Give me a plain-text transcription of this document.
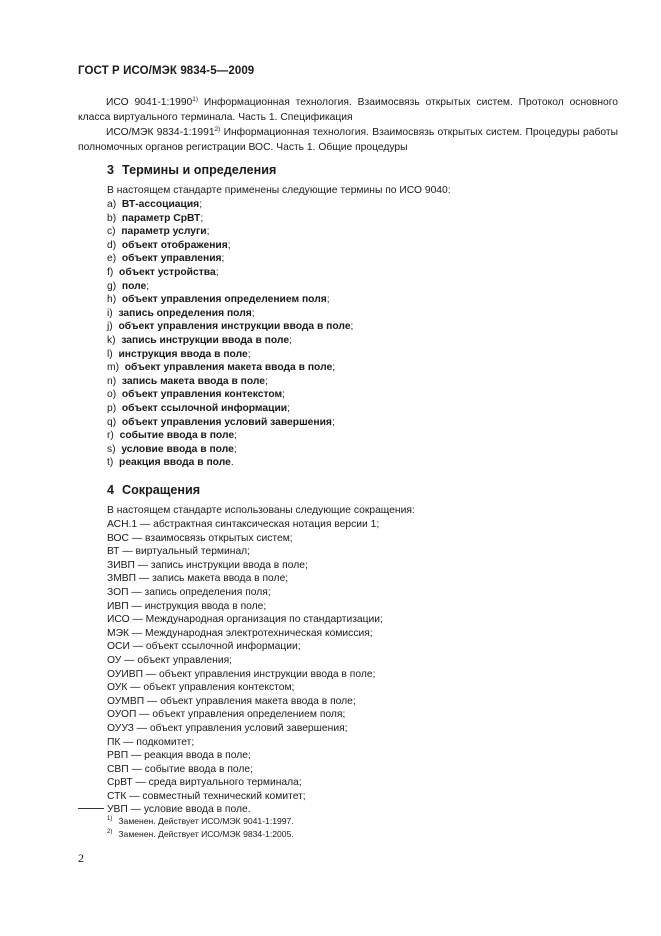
ГОСТ Р ИСО/МЭК 9834-5—2009

ИСО 9041-1:1990$^{1)}$ Информационная технология. Взаимосвязь открытых систем. Протокол основного класса виртуального терминала. Часть 1. Спецификация

ИСО/МЭК 9834-1:1991$^{2)}$ Информационная технология. Взаимосвязь открытых систем. Процедуры работы полномочных органов регистрации ВОС. Часть 1. Общие процедуры

3 Термины и определения
В настоящем стандарте применены следующие термины по ИСО 9040:
a) ВТ-ассоциация;
b) параметр СрВТ;
c) параметр услуги;
d) объект отображения;
e) объект управления;
f) объект устройства;
g) поле;
h) объект управления определением поля;
i) запись определения поля;
j) объект управления инструкции ввода в поле;
k) запись инструкции ввода в поле;
l) инструкция ввода в поле;
m) объект управления макета ввода в поле;
n) запись макета ввода в поле;
o) объект управления контекстом;
p) объект ссылочной информации;
q) объект управления условий завершения;
r) событие ввода в поле;
s) условие ввода в поле;
t) реакция ввода в поле.
4 Сокращения
В настоящем стандарте использованы следующие сокращения:
АСН.1 — абстрактная синтаксическая нотация версии 1;
ВОС — взаимосвязь открытых систем;
ВТ — виртуальный терминал;
ЗИВП — запись инструкции ввода в поле;
ЗМВП — запись макета ввода в поле;
ЗОП — запись определения поля;
ИВП — инструкция ввода в поле;
ИСО — Международная организация по стандартизации;
МЭК — Международная электротехническая комиссия;
ОСИ — объект ссылочной информации;
ОУ — объект управления;
ОУИВП — объект управления инструкции ввода в поле;
ОУК — объект управления контекстом;
ОУМВП — объект управления макета ввода в поле;
ОУОП — объект управления определением поля;
ОУУЗ — объект управления условий завершения;
ПК — подкомитет;
РВП — реакция ввода в поле;
СВП — событие ввода в поле;
СрВТ — среда виртуального терминала;
СТК — совместный технический комитет;
УВП — условие ввода в поле.
$^{1)}$ Заменен. Действует ИСО/МЭК 9041-1:1997.
$^{2)}$ Заменен. Действует ИСО/МЭК 9834-1:2005.
2
